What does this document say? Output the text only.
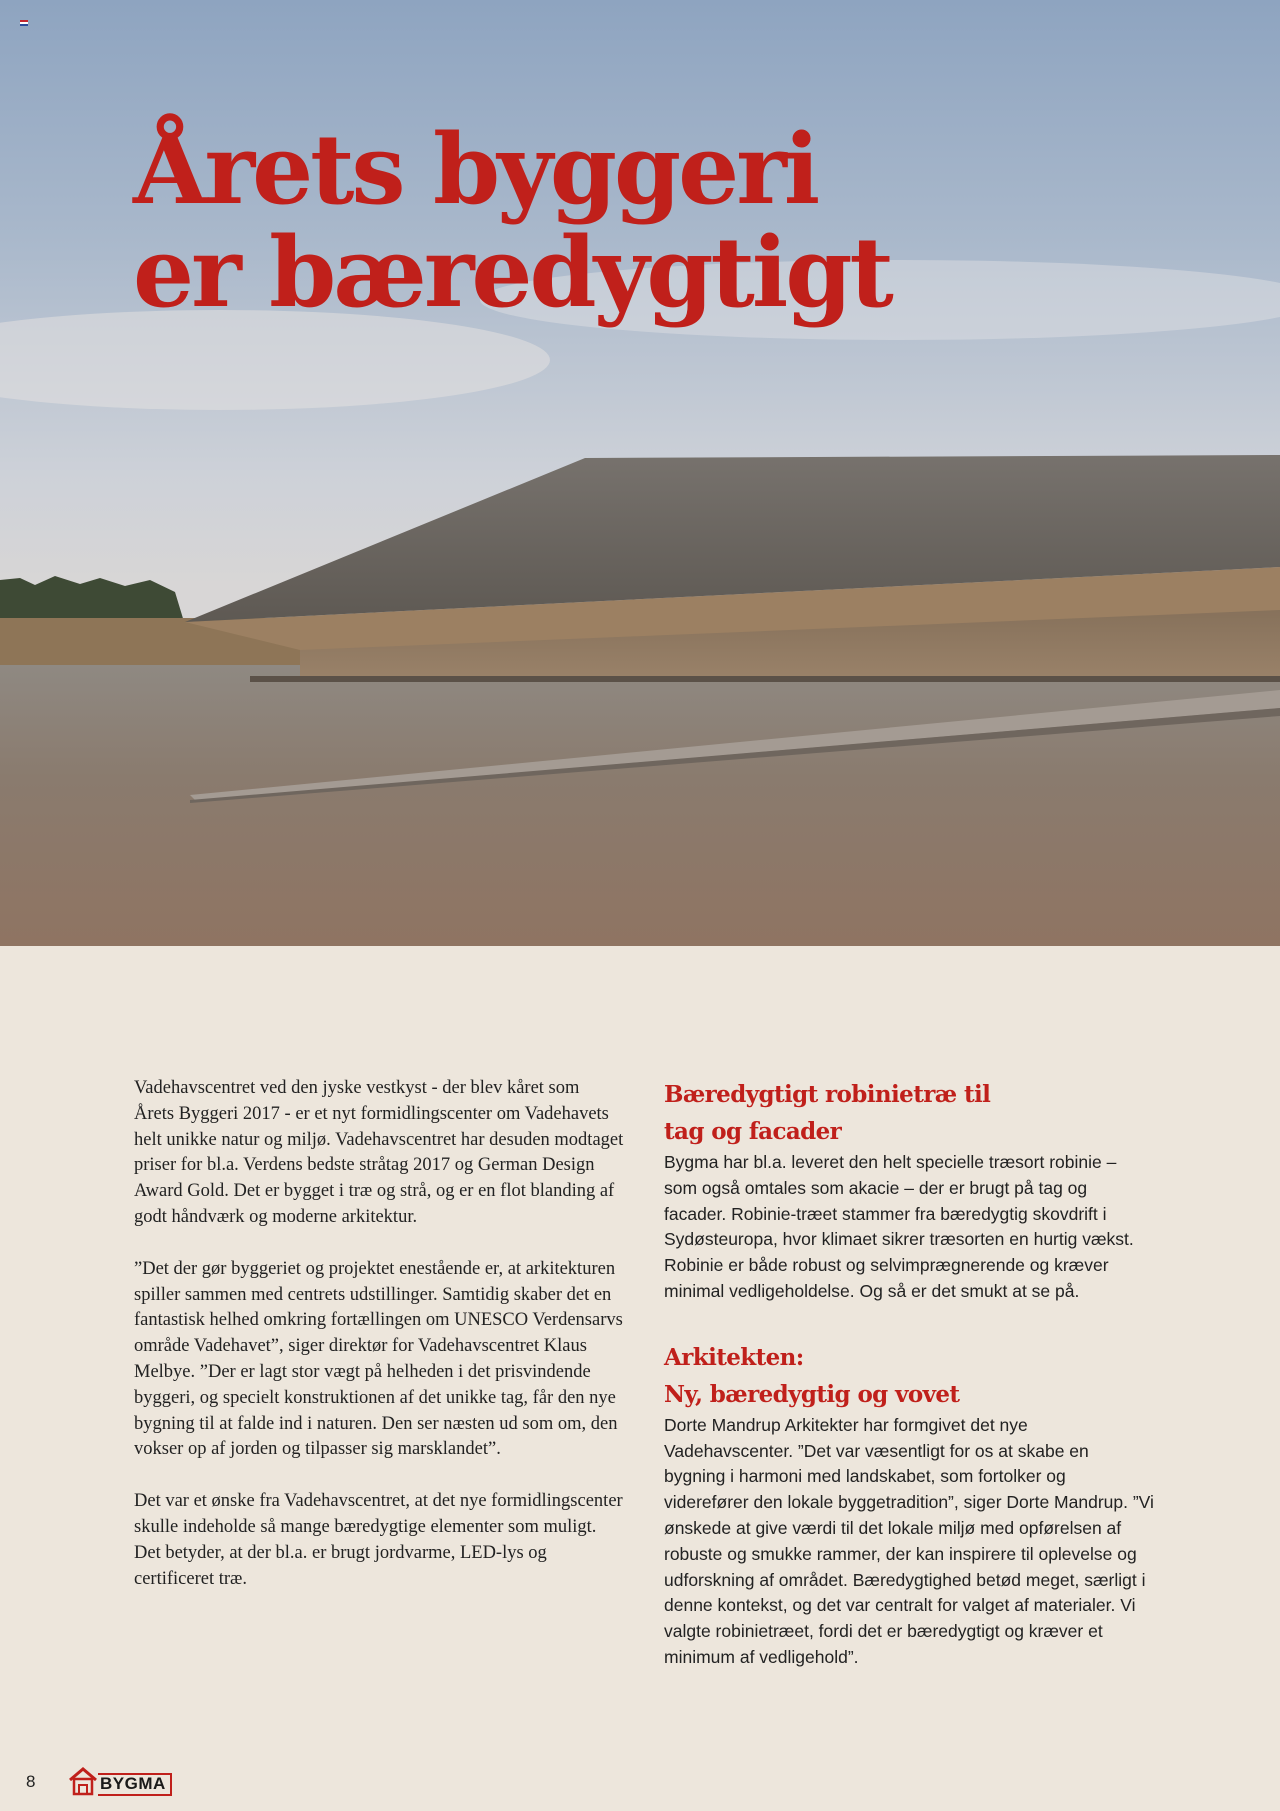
Årets byggeri
er bæredygtigt

Vadehavscentret ved den jyske vestkyst - der blev kåret som Årets Byggeri 2017 - er et nyt formidlingscenter om Vadehavets helt unikke natur og miljø. Vadehavscentret har desuden modtaget priser for bl.a. Verdens bedste stråtag 2017 og German Design Award Gold. Det er bygget i træ og strå, og er en flot blanding af godt håndværk og moderne arkitektur.

”Det der gør byggeriet og projektet enestående er, at arkitekturen spiller sammen med centrets udstillinger. Samtidig skaber det en fantastisk helhed omkring fortællingen om UNESCO Verdensarvs område Vadehavet”, siger direktør for Vadehavscentret Klaus Melbye. ”Der er lagt stor vægt på helheden i det prisvindende byggeri, og specielt konstruktionen af det unikke tag, får den nye bygning til at falde ind i naturen. Den ser næsten ud som om, den vokser op af jorden og tilpasser sig marsklandet”.

Det var et ønske fra Vadehavscentret, at det nye formidlingscenter skulle indeholde så mange bæredygtige elementer som muligt. Det betyder, at der bl.a. er brugt jordvarme, LED-lys og certificeret træ.

Bæredygtigt robinietræ til
tag og facader

Bygma har bl.a. leveret den helt specielle træsort robinie – som også omtales som akacie – der er brugt på tag og facader. Robinie-træet stammer fra bæredygtig skovdrift i Sydøsteuropa, hvor klimaet sikrer træsorten en hurtig vækst. Robinie er både robust og selvimprægnerende og kræver minimal vedligeholdelse. Og så er det smukt at se på.

Arkitekten:
Ny, bæredygtig og vovet

Dorte Mandrup Arkitekter har formgivet det nye Vadehavscenter. ”Det var væsentligt for os at skabe en bygning i harmoni med landskabet, som fortolker og viderefører den lokale byggetradition”, siger Dorte Mandrup. ”Vi ønskede at give værdi til det lokale miljø med opførelsen af robuste og smukke rammer, der kan inspirere til oplevelse og udforskning af området. Bæredygtighed betød meget, særligt i denne kontekst, og det var centralt for valget af materialer. Vi valgte robinietræet, fordi det er bæredygtigt og kræver et minimum af vedligehold”.

8	BYGMA
